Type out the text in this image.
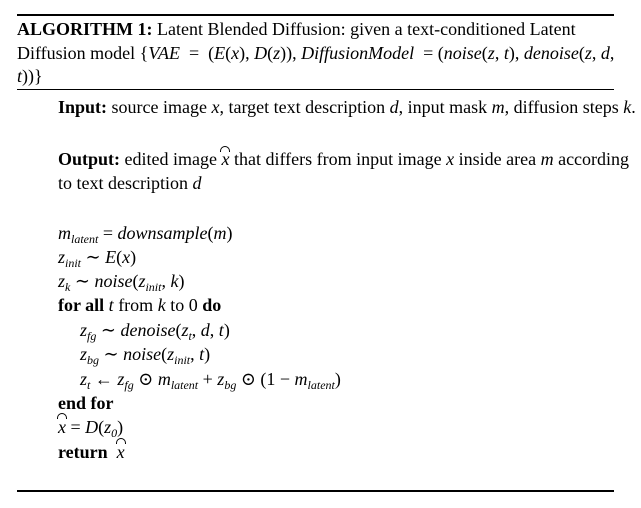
ALGORITHM 1: Latent Blended Diffusion: given a text-conditioned Latent Diffusion model {VAE  =  (E(x), D(z)), DiffusionModel  = (noise(z, t), denoise(z, d, t))}
Input: source image x, target text description d, input mask m, diffusion steps k.
Output: edited image x that differs from input image x inside area m according to text description d
$m_{latent}$ = downsample(m)
$z_{init}$ ∼ E(x)
$z_k$ ∼ $noise(z_{init}$, k)
for all t from k to 0 do
$z_{fg}$ ∼ $denoise(z_t$, d, t)
$z_{bg}$ ∼ $noise(z_{init}$, t)
$z_t$ ← $z_{fg}$ ⊙ $m_{latent} + z_{bg}$ ⊙ $(1 - m_{latent})$
end for
$x = D(z_0)$
return x
